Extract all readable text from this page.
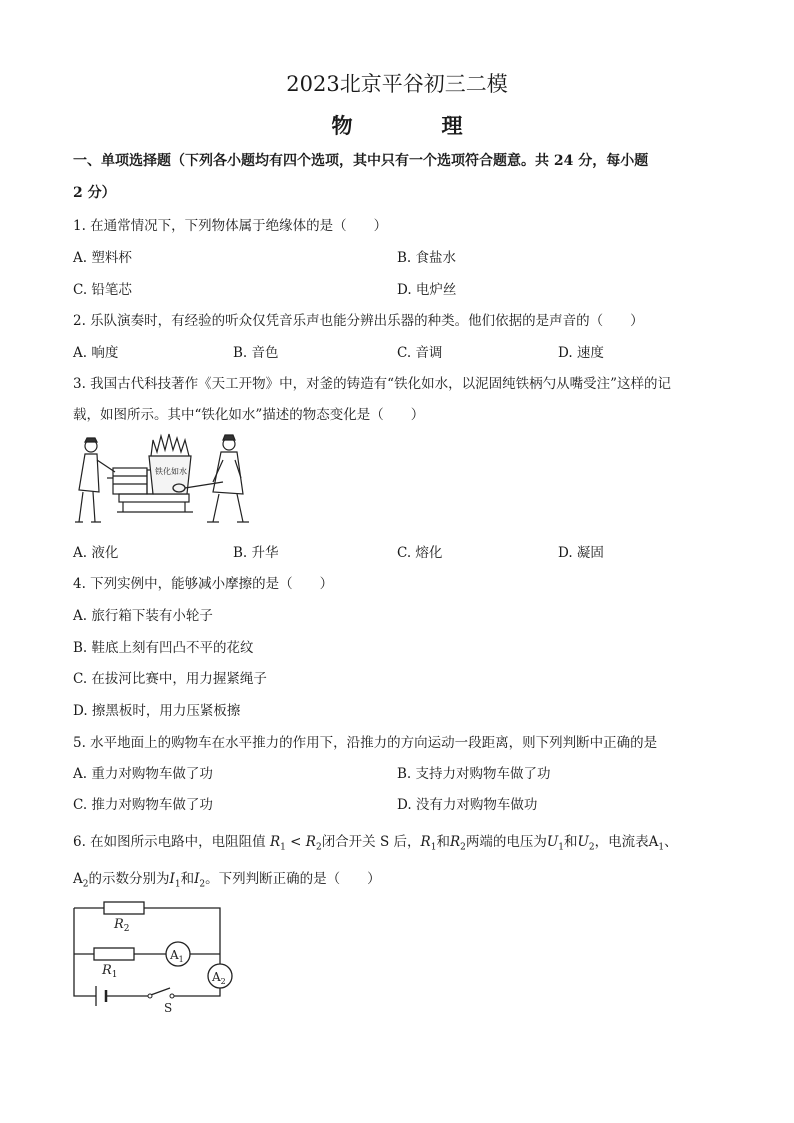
2023北京平谷初三二模
物　理
一、单项选择题（下列各小题均有四个选项，其中只有一个选项符合题意。共 24 分，每小题
2 分）
1. 在通常情况下，下列物体属于绝缘体的是（　　）
A. 塑料杯	B. 食盐水
C. 铅笔芯	D. 电炉丝
2. 乐队演奏时，有经验的听众仅凭音乐声也能分辨出乐器的种类。他们依据的是声音的（　　）
A. 响度	B. 音色	C. 音调	D. 速度
3. 我国古代科技著作《天工开物》中，对釜的铸造有“铁化如水，以泥固纯铁柄勺从嘴受注”这样的记
载，如图所示。其中“铁化如水”描述的物态变化是（　　）
铁化如水
A. 液化	B. 升华	C. 熔化	D. 凝固
4. 下列实例中，能够减小摩擦的是（　　）
A. 旅行箱下装有小轮子
B. 鞋底上刻有凹凸不平的花纹
C. 在拔河比赛中，用力握紧绳子
D. 擦黑板时，用力压紧板擦
5. 水平地面上的购物车在水平推力的作用下，沿推力的方向运动一段距离，则下列判断中正确的是
A. 重力对购物车做了功	B. 支持力对购物车做了功
C. 推力对购物车做了功	D. 没有力对购物车做功
6. 在如图所示电路中，电阻阻值 $R_1 < R_2$闭合开关 S 后，$R_1$和$R_2$两端的电压为$U_1$和$U_2$，电流表$A_1$、
$A_2$的示数分别为$I_1$和$I_2$。下列判断正确的是（　　）
$R_2$
$R_1$
$A_1$
$A_2$
S
